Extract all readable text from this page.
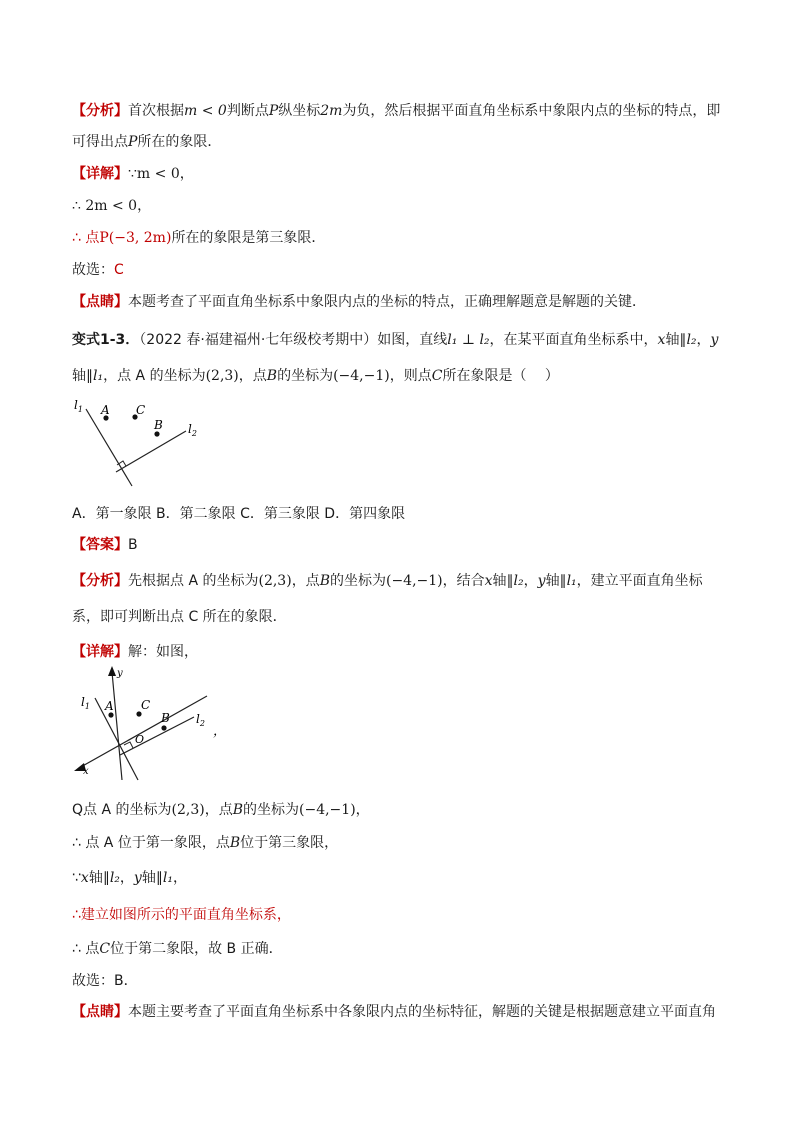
【分析】首次根据m < 0判断点P纵坐标2m为负，然后根据平面直角坐标系中象限内点的坐标的特点，即
可得出点P所在的象限．
【详解】∵m < 0，
∴ 2m < 0，
∴ 点P(−3, 2m)所在的象限是第三象限．
故选：C
【点睛】本题考查了平面直角坐标系中象限内点的坐标的特点，正确理解题意是解题的关键．
变式1-3．（2022 春·福建福州·七年级校考期中）如图，直线l₁ ⊥ l₂，在某平面直角坐标系中，x轴∥l₂，y
轴∥l₁，点 A 的坐标为(2,3)，点B的坐标为(−4,−1)，则点C所在象限是（　 ）
$l_1$
$l_2$
A C
B
A．第一象限 B．第二象限 C．第三象限 D．第四象限
【答案】B
【分析】先根据点 A 的坐标为(2,3)，点B的坐标为(−4,−1)，结合x轴∥l₂，y轴∥l₁，建立平面直角坐标
系，即可判断出点 C 所在的象限．
【详解】解：如图，
$l_1$
$l_2$
A C
B
O
y
x
，
Q点 A 的坐标为(2,3)，点B的坐标为(−4,−1)，
∴ 点 A 位于第一象限，点B位于第三象限，
∵x轴∥l₂，y轴∥l₁，
∴建立如图所示的平面直角坐标系，
∴ 点C位于第二象限，故 B 正确．
故选：B．
【点睛】本题主要考查了平面直角坐标系中各象限内点的坐标特征，解题的关键是根据题意建立平面直角
